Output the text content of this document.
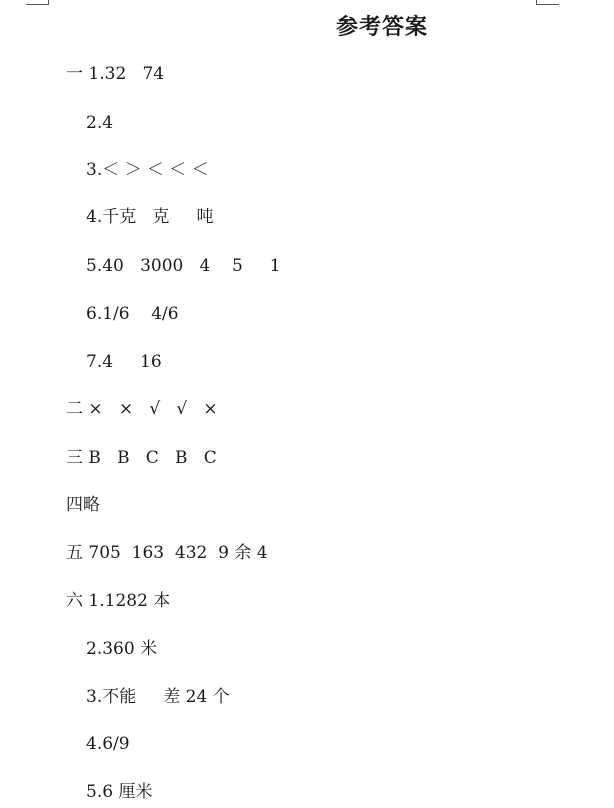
参考答案
一 1.32   74
2.4
3.＜ ＞ ＜ ＜ ＜
4.千克   克     吨
5.40   3000   4    5     1
6.1/6    4/6
7.4     16
二 ×   ×   √   √   ×
三 B   B   C   B   C
四略
五 705  163  432  9 余 4
六 1.1282 本
2.360 米
3.不能     差 24 个
4.6/9
5.6 厘米
